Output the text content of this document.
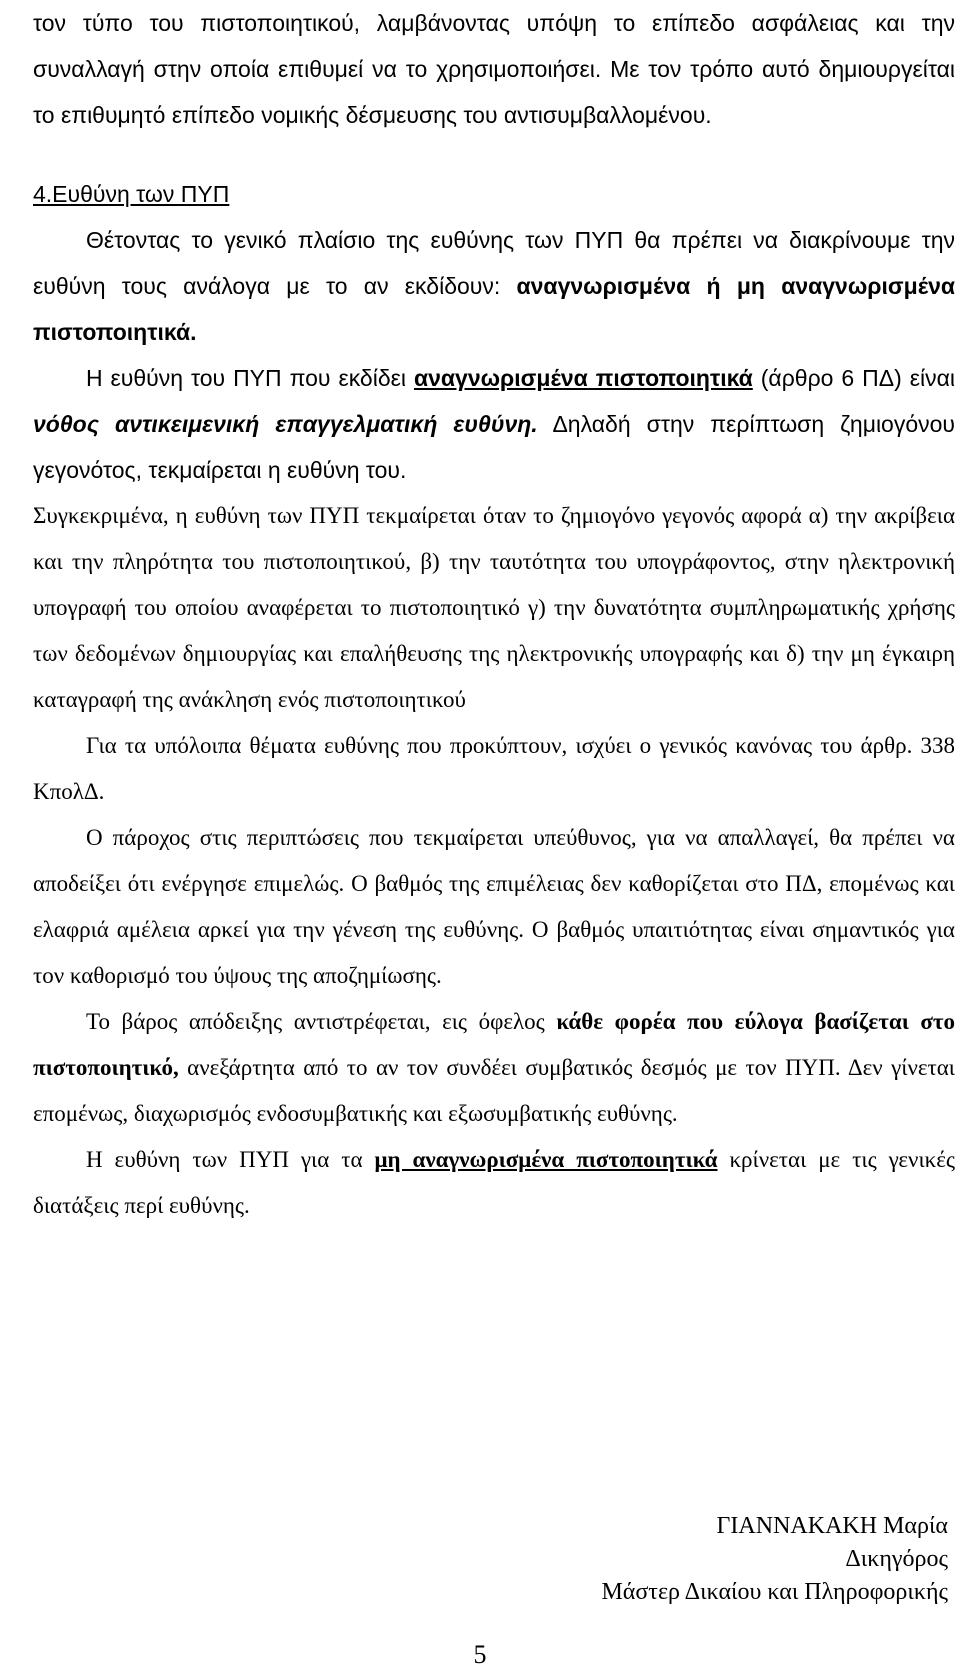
τον τύπο του πιστοποιητικού, λαμβάνοντας υπόψη το επίπεδο ασφάλειας και την συναλλαγή στην οποία επιθυμεί να το χρησιμοποιήσει. Με τον τρόπο αυτό δημιουργείται το επιθυμητό επίπεδο νομικής δέσμευσης του αντισυμβαλλομένου.

4.Ευθύνη των ΠΥΠ

Θέτοντας το γενικό πλαίσιο της ευθύνης των ΠΥΠ θα πρέπει να διακρίνουμε την ευθύνη τους ανάλογα με το αν εκδίδουν: αναγνωρισμένα ή μη αναγνωρισμένα πιστοποιητικά.

Η ευθύνη του ΠΥΠ που εκδίδει αναγνωρισμένα πιστοποιητικά (άρθρο 6 ΠΔ) είναι νόθος αντικειμενική επαγγελματική ευθύνη. Δηλαδή στην περίπτωση ζημιογόνου γεγονότος, τεκμαίρεται η ευθύνη του.

Συγκεκριμένα, η ευθύνη των ΠΥΠ τεκμαίρεται όταν το ζημιογόνο γεγονός αφορά α) την ακρίβεια και την πληρότητα του πιστοποιητικού, β) την ταυτότητα του υπογράφοντος, στην ηλεκτρονική υπογραφή του οποίου αναφέρεται το πιστοποιητικό γ) την δυνατότητα συμπληρωματικής χρήσης των δεδομένων δημιουργίας και επαλήθευσης της ηλεκτρονικής υπογραφής και δ) την μη έγκαιρη καταγραφή της ανάκληση ενός πιστοποιητικού

Για τα υπόλοιπα θέματα ευθύνης που προκύπτουν, ισχύει ο γενικός κανόνας του άρθρ. 338 ΚπολΔ.

Ο πάροχος στις περιπτώσεις που τεκμαίρεται υπεύθυνος, για να απαλλαγεί, θα πρέπει να αποδείξει ότι ενέργησε επιμελώς. Ο βαθμός της επιμέλειας δεν καθορίζεται στο ΠΔ, επομένως και ελαφριά αμέλεια αρκεί για την γένεση της ευθύνης. Ο βαθμός υπαιτιότητας είναι σημαντικός για τον καθορισμό του ύψους της αποζημίωσης.

Το βάρος απόδειξης αντιστρέφεται, εις όφελος κάθε φορέα που εύλογα βασίζεται στο πιστοποιητικό, ανεξάρτητα από το αν τον συνδέει συμβατικός δεσμός με τον ΠΥΠ. Δεν γίνεται επομένως, διαχωρισμός ενδοσυμβατικής και εξωσυμβατικής ευθύνης.

Η ευθύνη των ΠΥΠ για τα μη αναγνωρισμένα πιστοποιητικά κρίνεται με τις γενικές διατάξεις περί ευθύνης.

ΓΙΑΝΝΑΚΑΚΗ Μαρία
Δικηγόρος
Μάστερ Δικαίου και Πληροφορικής
5
